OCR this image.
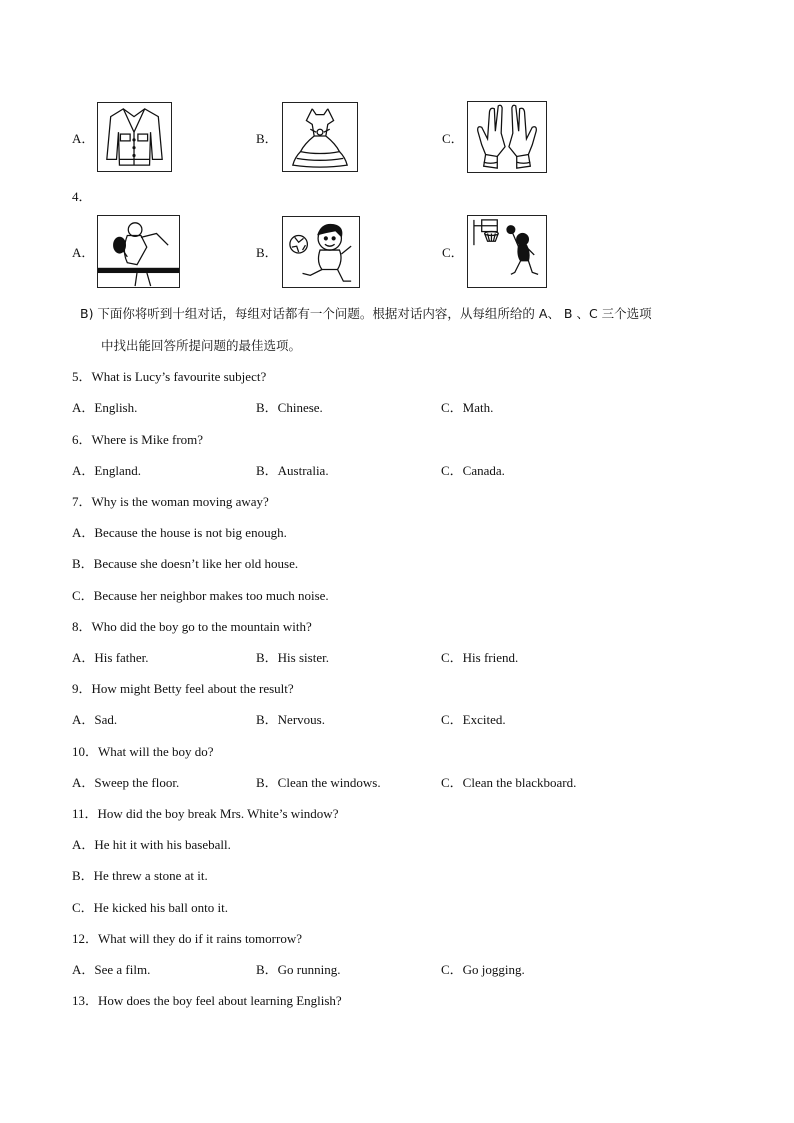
A．	B．	C．
4．
A．	B．	C．
B) 下面你将听到十组对话，每组对话都有一个问题。根据对话内容，从每组所给的 A、 B 、C 三个选项
中找出能回答所提问题的最佳选项。
5．What is Lucy’s favourite subject?
A．English.	B．Chinese.	C．Math.
6．Where is Mike from?
A．England.	B．Australia.	C．Canada.
7．Why is the woman moving away?
A．Because the house is not big enough.
B．Because she doesn’t like her old house.
C．Because her neighbor makes too much noise.
8．Who did the boy go to the mountain with?
A．His father.	B．His sister.	C．His friend.
9．How might Betty feel about the result?
A．Sad.	B．Nervous.	C．Excited.
10．What will the boy do?
A．Sweep the floor.	B．Clean the windows.	C．Clean the blackboard.
11．How did the boy break Mrs. White’s window?
A．He hit it with his baseball.
B．He threw a stone at it.
C．He kicked his ball onto it.
12．What will they do if it rains tomorrow?
A．See a film.	B．Go running.	C．Go jogging.
13．How does the boy feel about learning English?
